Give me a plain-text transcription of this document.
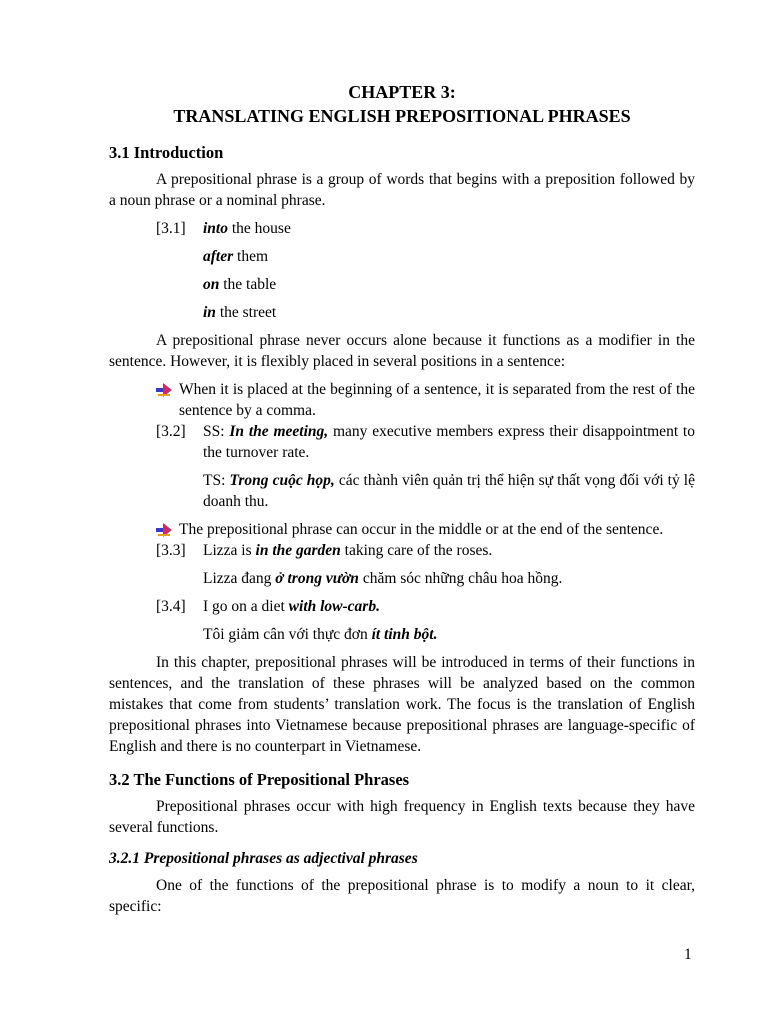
CHAPTER 3:
TRANSLATING ENGLISH PREPOSITIONAL PHRASES
3.1 Introduction

A prepositional phrase is a group of words that begins with a preposition followed by a noun phrase or a nominal phrase.

[3.1]	into the house
after them
on the table
in the street

A prepositional phrase never occurs alone because it functions as a modifier in the sentence. However, it is flexibly placed in several positions in a sentence:

When it is placed at the beginning of a sentence, it is separated from the rest of the sentence by a comma.
[3.2]	SS: In the meeting, many executive members express their disappointment to the turnover rate.
TS: Trong cuộc họp, các thành viên quản trị thể hiện sự thất vọng đối với tỷ lệ doanh thu.
The prepositional phrase can occur in the middle or at the end of the sentence.
[3.3]	Lizza is in the garden taking care of the roses.
Lizza đang ở trong vườn chăm sóc những châu hoa hồng.
[3.4]	I go on a diet with low-carb.
Tôi giảm cân với thực đơn ít tinh bột.

In this chapter, prepositional phrases will be introduced in terms of their functions in sentences, and the translation of these phrases will be analyzed based on the common mistakes that come from students’ translation work. The focus is the translation of English prepositional phrases into Vietnamese because prepositional phrases are language-specific of English and there is no counterpart in Vietnamese.

3.2 The Functions of Prepositional Phrases

Prepositional phrases occur with high frequency in English texts because they have several functions.

3.2.1 Prepositional phrases as adjectival phrases

One of the functions of the prepositional phrase is to modify a noun to it clear, specific:

1
